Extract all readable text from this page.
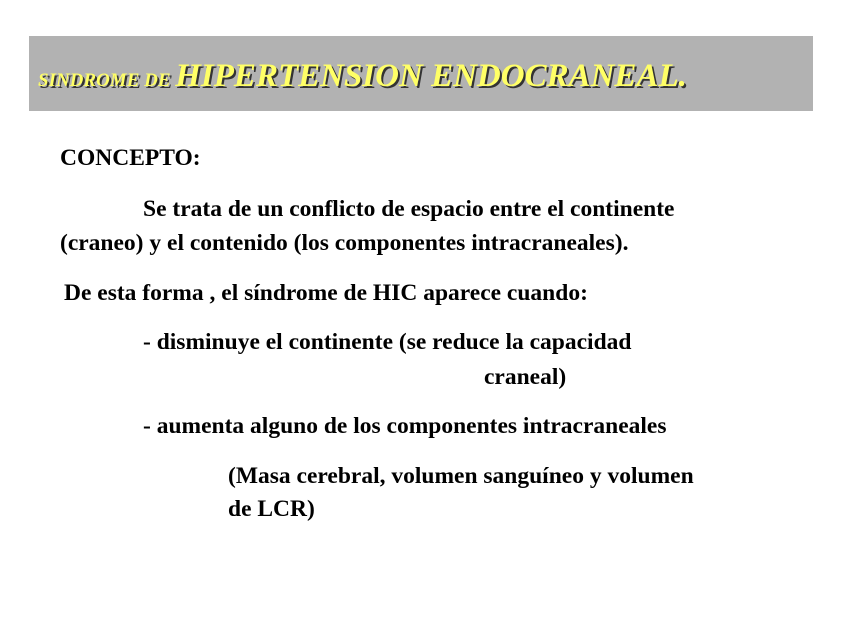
SINDROME DE HIPERTENSION ENDOCRANEAL.
CONCEPTO:
Se trata de un conflicto de espacio entre el continente
(craneo) y el contenido (los componentes intracraneales).
De esta forma , el síndrome de HIC aparece cuando:
- disminuye el continente (se reduce la capacidad
craneal)
- aumenta alguno de los componentes intracraneales
(Masa cerebral, volumen sanguíneo y volumen
de LCR)
